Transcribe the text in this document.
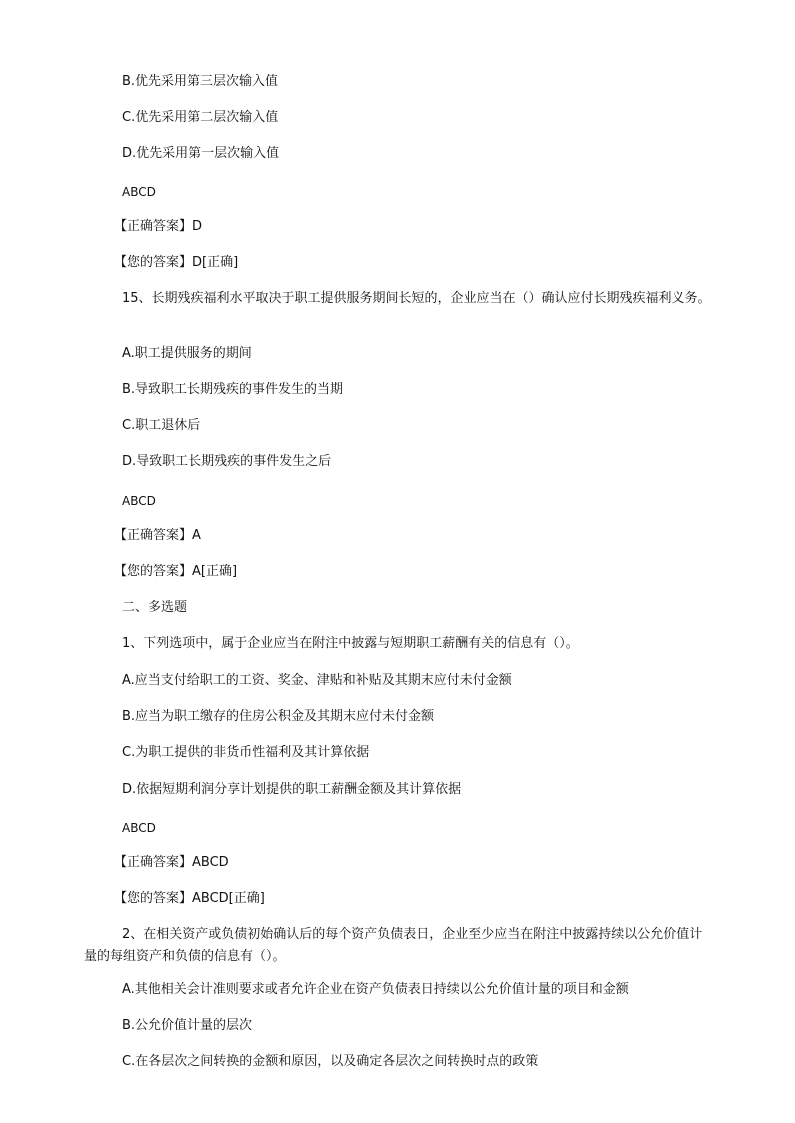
B.优先采用第三层次输入值
C.优先采用第二层次输入值
D.优先采用第一层次输入值
ABCD
【正确答案】D
【您的答案】D[正确]
15、长期残疾福利水平取决于职工提供服务期间长短的，企业应当在（）确认应付长期残疾福利义务。
A.职工提供服务的期间
B.导致职工长期残疾的事件发生的当期
C.职工退休后
D.导致职工长期残疾的事件发生之后
ABCD
【正确答案】A
【您的答案】A[正确]
二、多选题
1、下列选项中，属于企业应当在附注中披露与短期职工薪酬有关的信息有（）。
A.应当支付给职工的工资、奖金、津贴和补贴及其期末应付未付金额
B.应当为职工缴存的住房公积金及其期末应付未付金额
C.为职工提供的非货币性福利及其计算依据
D.依据短期利润分享计划提供的职工薪酬金额及其计算依据
ABCD
【正确答案】ABCD
【您的答案】ABCD[正确]
2、在相关资产或负债初始确认后的每个资产负债表日，企业至少应当在附注中披露持续以公允价值计量的每组资产和负债的信息有（）。
A.其他相关会计准则要求或者允许企业在资产负债表日持续以公允价值计量的项目和金额
B.公允价值计量的层次
C.在各层次之间转换的金额和原因，以及确定各层次之间转换时点的政策
